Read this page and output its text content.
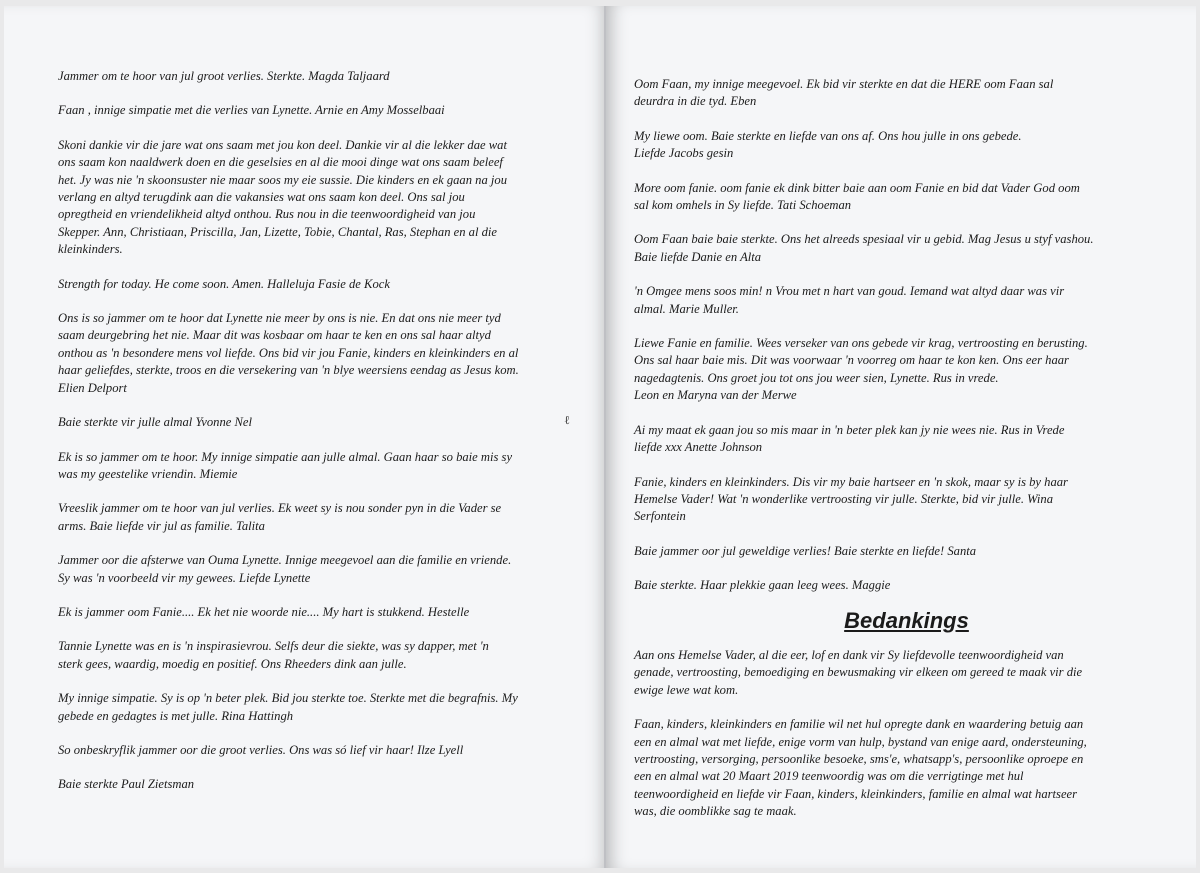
Jammer om te hoor van jul groot verlies. Sterkte. Magda Taljaard

Faan , innige simpatie met die verlies van Lynette. Arnie en Amy Mosselbaai

Skoni dankie vir die jare wat ons saam met jou kon deel. Dankie vir al die lekker dae wat

ons saam kon naaldwerk doen en die geselsies en al die mooi dinge wat ons saam beleef

het. Jy was nie 'n skoonsuster nie maar soos my eie sussie. Die kinders en ek gaan na jou

verlang en altyd terugdink aan die vakansies wat ons saam kon deel. Ons sal jou

opregtheid en vriendelikheid altyd onthou. Rus nou in die teenwoordigheid van jou

Skepper. Ann, Christiaan, Priscilla, Jan, Lizette, Tobie, Chantal, Ras, Stephan en al die

kleinkinders.

Strength for today. He come soon. Amen. Halleluja Fasie de Kock

Ons is so jammer om te hoor dat Lynette nie meer by ons is nie. En dat ons nie meer tyd

saam deurgebring het nie. Maar dit was kosbaar om haar te ken en ons sal haar altyd

onthou as 'n besondere mens vol liefde. Ons bid vir jou Fanie, kinders en kleinkinders en al

haar geliefdes, sterkte, troos en die versekering van 'n blye weersiens eendag as Jesus kom.

Elien Delport

Baie sterkte vir julle almal Yvonne Nel

Ek is so jammer om te hoor. My innige simpatie aan julle almal. Gaan haar so baie mis sy

was my geestelike vriendin. Miemie

Vreeslik jammer om te hoor van jul verlies. Ek weet sy is nou sonder pyn in die Vader se

arms. Baie liefde vir jul as familie. Talita

Jammer oor die afsterwe van Ouma Lynette. Innige meegevoel aan die familie en vriende.

Sy was 'n voorbeeld vir my gewees. Liefde Lynette

Ek is jammer oom Fanie.... Ek het nie woorde nie.... My hart is stukkend. Hestelle

Tannie Lynette was en is 'n inspirasievrou. Selfs deur die siekte, was sy dapper, met 'n

sterk gees, waardig, moedig en positief. Ons Rheeders dink aan julle.

My innige simpatie. Sy is op 'n beter plek. Bid jou sterkte toe. Sterkte met die begrafnis. My

gebede en gedagtes is met julle. Rina Hattingh

So onbeskryflik jammer oor die groot verlies. Ons was só lief vir haar! Ilze Lyell

Baie sterkte Paul Zietsman

ℓ

Oom Faan, my innige meegevoel. Ek bid vir sterkte en dat die HERE oom Faan sal

deurdra in die tyd. Eben

My liewe oom. Baie sterkte en liefde van ons af. Ons hou julle in ons gebede.

Liefde Jacobs gesin

More oom fanie. oom fanie ek dink bitter baie aan oom Fanie en bid dat Vader God oom

sal kom omhels in Sy liefde. Tati Schoeman

Oom Faan baie baie sterkte. Ons het alreeds spesiaal vir u gebid. Mag Jesus u styf vashou.

Baie liefde Danie en Alta

'n Omgee mens soos min! n Vrou met n hart van goud. Iemand wat altyd daar was vir

almal. Marie Muller.

Liewe Fanie en familie. Wees verseker van ons gebede vir krag, vertroosting en berusting.

Ons sal haar baie mis. Dit was voorwaar 'n voorreg om haar te kon ken. Ons eer haar

nagedagtenis. Ons groet jou tot ons jou weer sien, Lynette. Rus in vrede.

Leon en Maryna van der Merwe

Ai my maat ek gaan jou so mis maar in 'n beter plek kan jy nie wees nie. Rus in Vrede

liefde xxx Anette Johnson

Fanie, kinders en kleinkinders. Dis vir my baie hartseer en 'n skok, maar sy is by haar

Hemelse Vader! Wat 'n wonderlike vertroosting vir julle. Sterkte, bid vir julle. Wina

Serfontein

Baie jammer oor jul geweldige verlies! Baie sterkte en liefde! Santa

Baie sterkte. Haar plekkie gaan leeg wees. Maggie

Bedankings

Aan ons Hemelse Vader, al die eer, lof en dank vir Sy liefdevolle teenwoordigheid van

genade, vertroosting, bemoediging en bewusmaking vir elkeen om gereed te maak vir die

ewige lewe wat kom.

Faan, kinders, kleinkinders en familie wil net hul opregte dank en waardering betuig aan

een en almal wat met liefde, enige vorm van hulp, bystand van enige aard, ondersteuning,

vertroosting, versorging, persoonlike besoeke, sms'e, whatsapp's, persoonlike oproepe en

een en almal wat 20 Maart 2019 teenwoordig was om die verrigtinge met hul

teenwoordigheid en liefde vir Faan, kinders, kleinkinders, familie en almal wat hartseer

was, die oomblikke sag te maak.
